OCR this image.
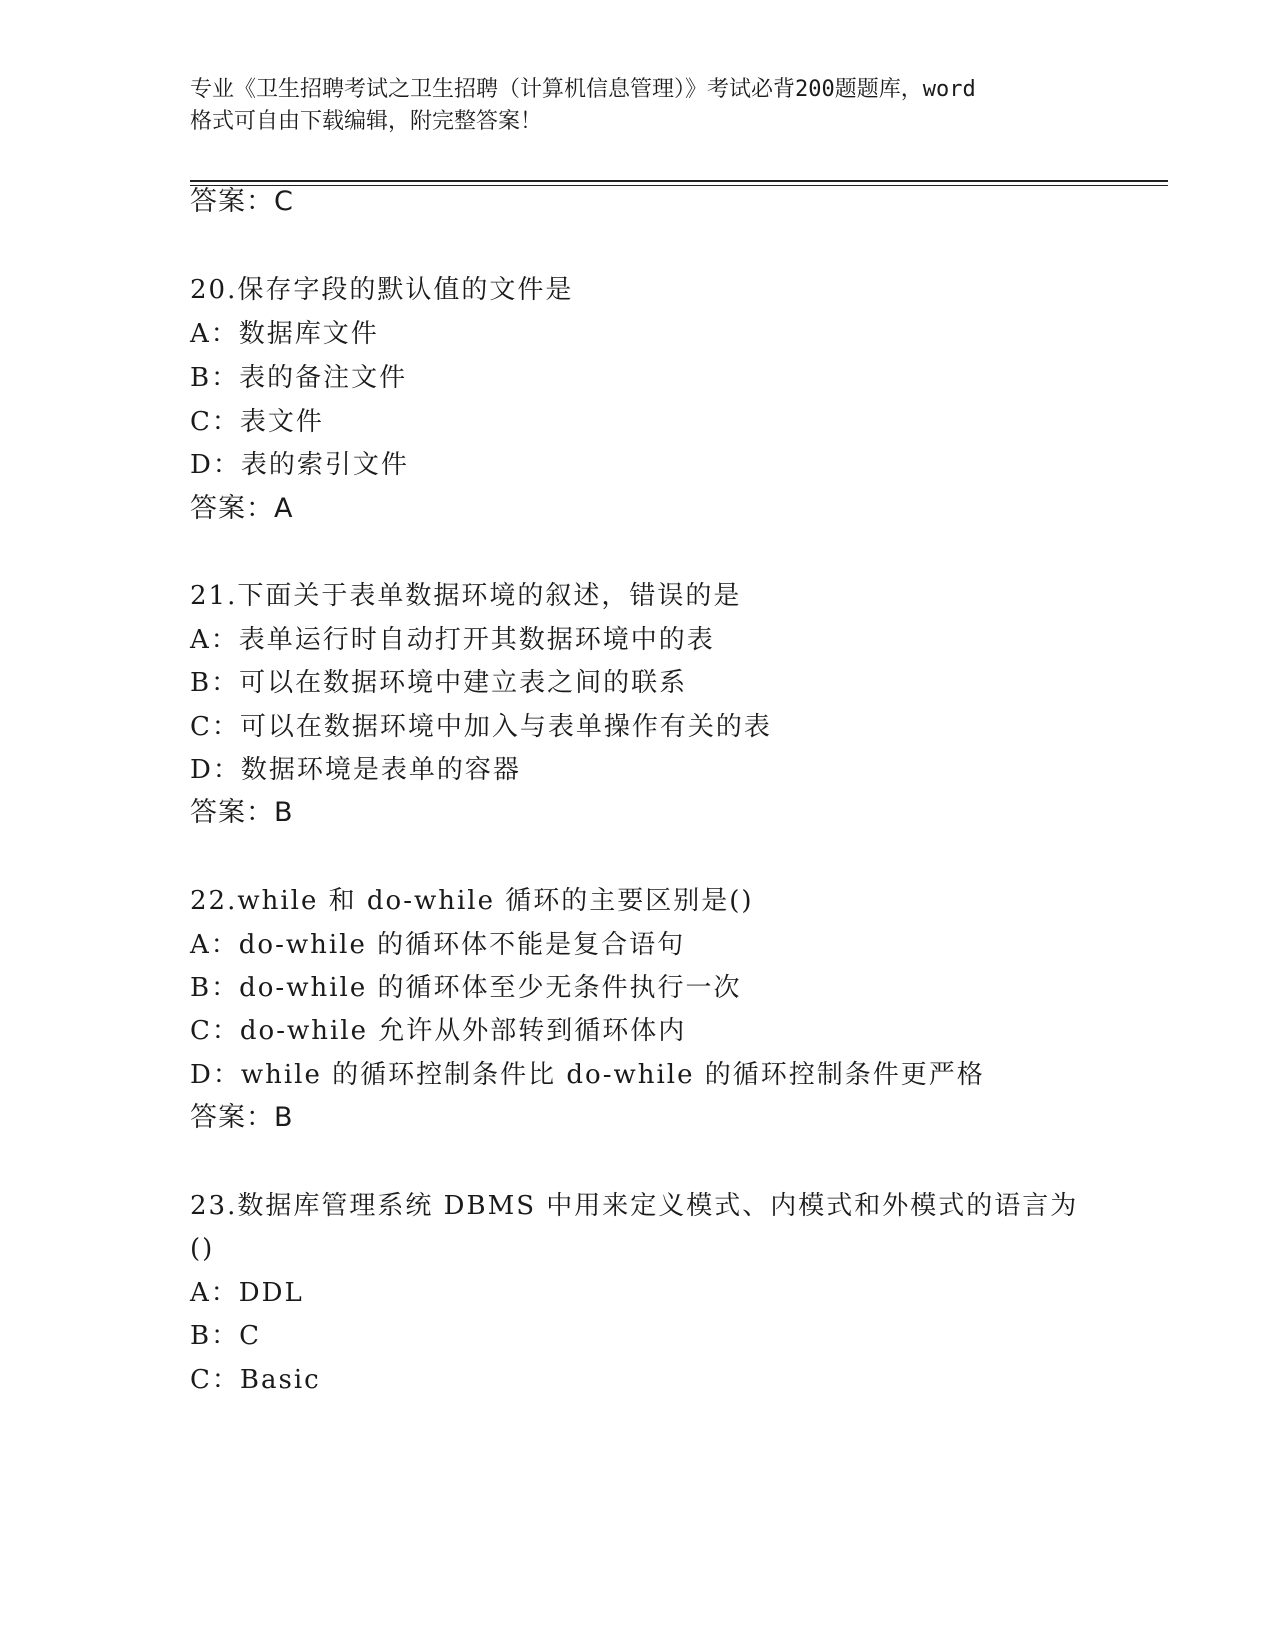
专业《卫生招聘考试之卫生招聘（计算机信息管理）》考试必背200题题库，word
格式可自由下载编辑，附完整答案！
答案：C
20.保存字段的默认值的文件是
A：数据库文件
B：表的备注文件
C：表文件
D：表的索引文件
答案：A
21.下面关于表单数据环境的叙述，错误的是
A：表单运行时自动打开其数据环境中的表
B：可以在数据环境中建立表之间的联系
C：可以在数据环境中加入与表单操作有关的表
D：数据环境是表单的容器
答案：B
22.while 和 do-while 循环的主要区别是()
A：do-while 的循环体不能是复合语句
B：do-while 的循环体至少无条件执行一次
C：do-while 允许从外部转到循环体内
D：while 的循环控制条件比 do-while 的循环控制条件更严格
答案：B
23.数据库管理系统 DBMS 中用来定义模式、内模式和外模式的语言为
()
A：DDL
B：C
C：Basic
